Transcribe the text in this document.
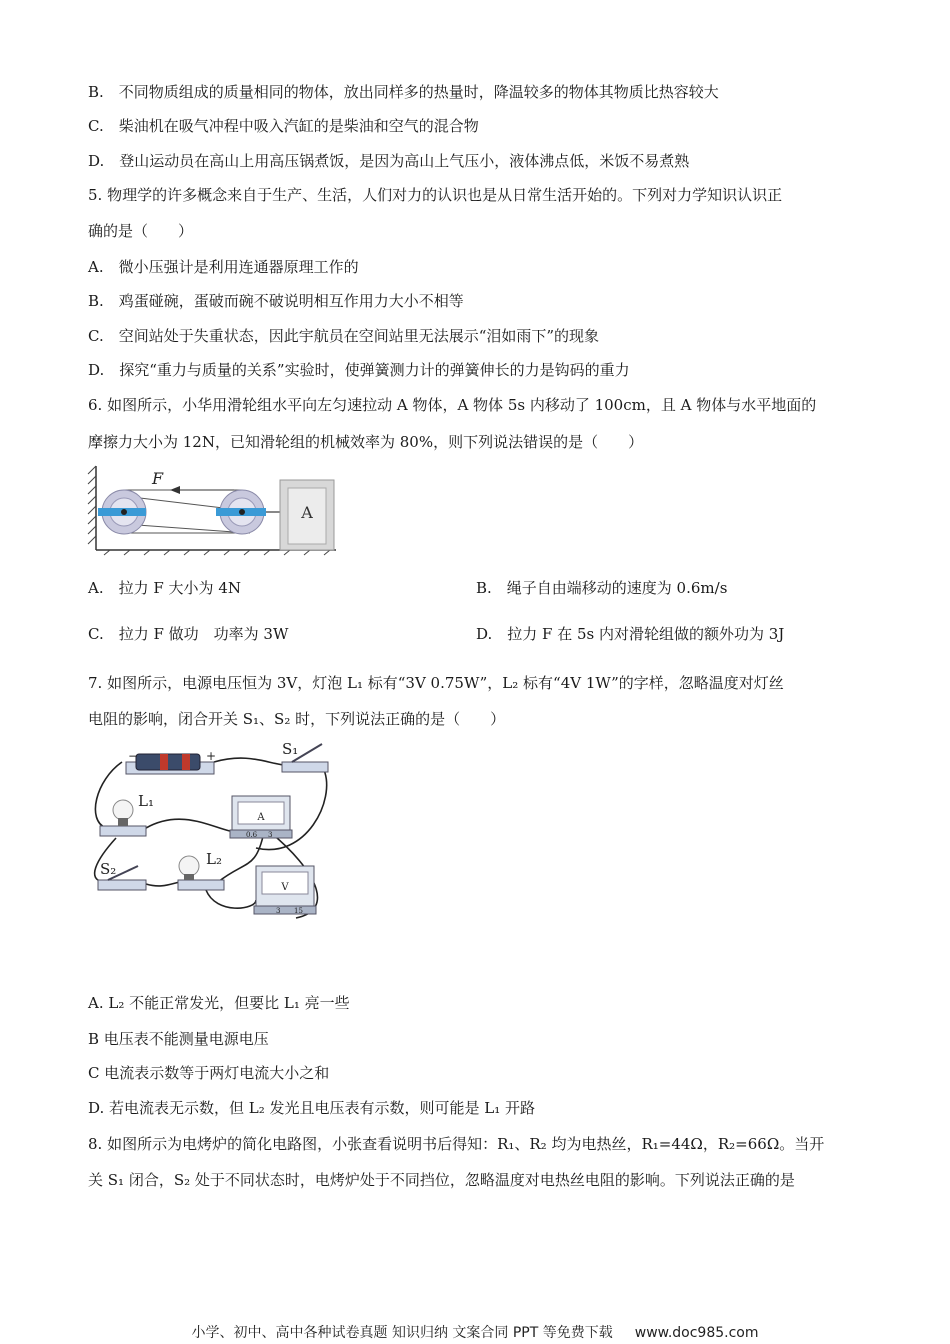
B.　不同物质组成的质量相同的物体，放出同样多的热量时，降温较多的物体其物质比热容较大
C.　柴油机在吸气冲程中吸入汽缸的是柴油和空气的混合物
D.　登山运动员在高山上用高压锅煮饭，是因为高山上气压小，液体沸点低，米饭不易煮熟
5. 物理学的许多概念来自于生产、生活，人们对力的认识也是从日常生活开始的。下列对力学知识认识正
确的是（　　）
A.　微小压强计是利用连通器原理工作的
B.　鸡蛋碰碗，蛋破而碗不破说明相互作用力大小不相等
C.　空间站处于失重状态，因此宇航员在空间站里无法展示“泪如雨下”的现象
D.　探究“重力与质量的关系”实验时，使弹簧测力计的弹簧伸长的力是钩码的重力
6. 如图所示，小华用滑轮组水平向左匀速拉动 A 物体，A 物体 5s 内移动了 100cm，且 A 物体与水平地面的
摩擦力大小为 12N，已知滑轮组的机械效率为 80%，则下列说法错误的是（　　）
A
F
A.　拉力 F 大小为 4N	B.　绳子自由端移动的速度为 0.6m/s
C.　拉力 F 做功　功率为 3W	D.　拉力 F 在 5s 内对滑轮组做的额外功为 3J
7. 如图所示，电源电压恒为 3V，灯泡 L₁ 标有“3V 0.75W”，L₂ 标有“4V 1W”的字样，忽略温度对灯丝
电阻的影响，闭合开关 S₁、S₂ 时，下列说法正确的是（　　）
−	+	S₁
L₁
A
0.6 3
S₂
L₂
V
3 15
A. L₂ 不能正常发光，但要比 L₁ 亮一些
B 电压表不能测量电源电压
C 电流表示数等于两灯电流大小之和
D. 若电流表无示数，但 L₂ 发光且电压表有示数，则可能是 L₁ 开路
8. 如图所示为电烤炉的简化电路图，小张查看说明书后得知：R₁、R₂ 均为电热丝，R₁=44Ω，R₂=66Ω。当开
关 S₁ 闭合，S₂ 处于不同状态时，电烤炉处于不同挡位，忽略温度对电热丝电阻的影响。下列说法正确的是
小学、初中、高中各种试卷真题 知识归纳 文案合同 PPT 等免费下载 www.doc985.com
